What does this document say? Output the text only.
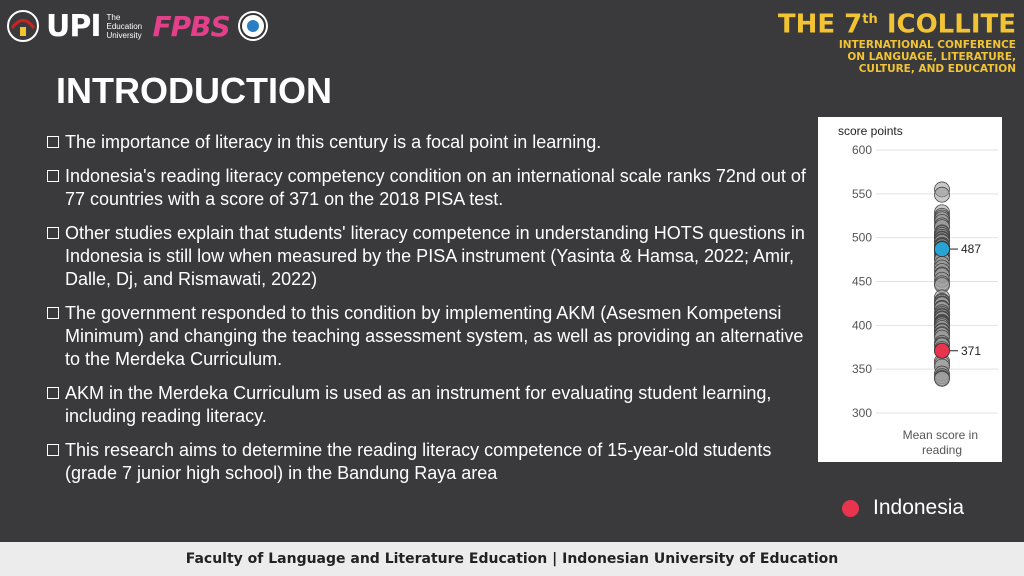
UPI The Education University FPBS	THE 7th ICOLLITE
INTERNATIONAL CONFERENCE
ON LANGUAGE, LITERATURE,
CULTURE, AND EDUCATION
INTRODUCTION
The importance of literacy in this century is a focal point in learning.
Indonesia's reading literacy competency condition on an international scale ranks 72nd out of 77 countries with a score of 371 on the 2018 PISA test.
Other studies explain that students' literacy competence in understanding HOTS questions in Indonesia is still low when measured by the PISA instrument (Yasinta & Hamsa, 2022; Amir, Dalle, Dj, and Rismawati, 2022)
The government responded to this condition by implementing AKM (Asesmen Kompetensi Minimum) and changing the teaching assessment system, as well as providing an alternative to the Merdeka Curriculum.
AKM in the Merdeka Curriculum is used as an instrument for evaluating student learning, including reading literacy.
This research aims to determine the reading literacy competence of 15-year-old students (grade 7 junior high school) in the Bandung Raya area
score points
300
350
400
450
500
550
600
487
371
Mean score in reading
Indonesia
Faculty of Language and Literature Education | Indonesian University of Education
